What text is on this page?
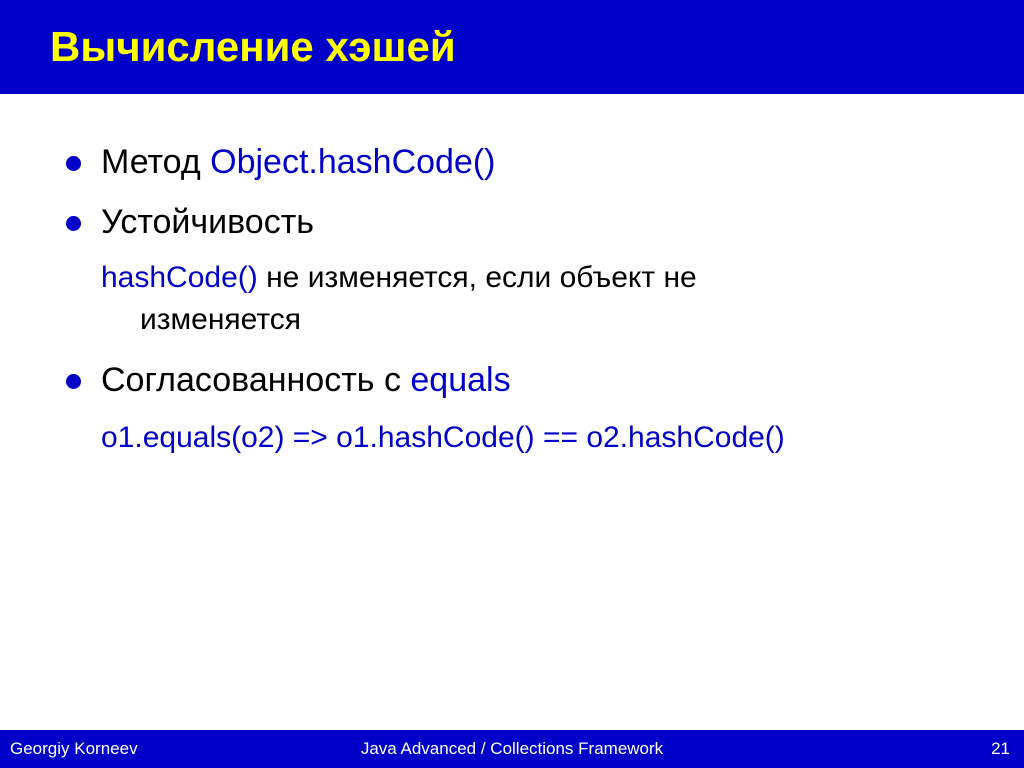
Вычисление хэшей
Метод Object.hashCode()
Устойчивость
hashCode() не изменяется, если объект не
изменяется
Согласованность с equals
o1.equals(o2) => o1.hashCode() == o2.hashCode()
Java Advanced / Collections Framework
Georgiy Korneev	21
